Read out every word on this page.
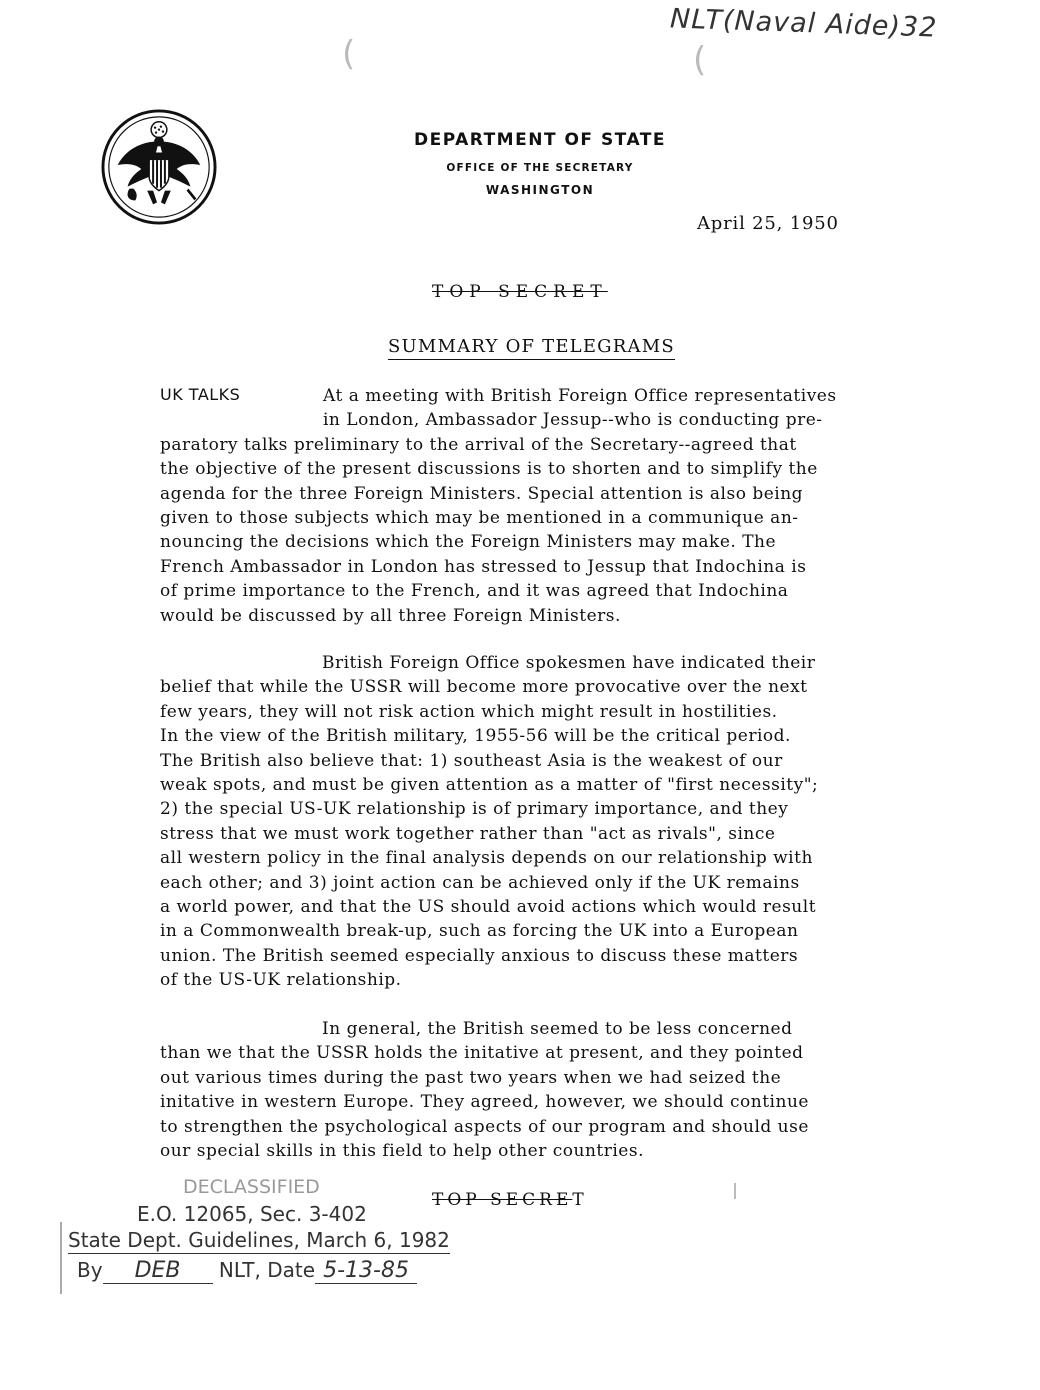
NLT(Naval Aide)32
(	(
DEPARTMENT OF STATE
OFFICE OF THE SECRETARY
WASHINGTON
April 25, 1950
TOP SECRET
SUMMARY OF TELEGRAMS
UK TALKS	At a meeting with British Foreign Office representatives

in London, Ambassador Jessup--who is conducting pre-

paratory talks preliminary to the arrival of the Secretary--agreed that

the objective of the present discussions is to shorten and to simplify the

agenda for the three Foreign Ministers. Special attention is also being

given to those subjects which may be mentioned in a communique an-

nouncing the decisions which the Foreign Ministers may make. The

French Ambassador in London has stressed to Jessup that Indochina is

of prime importance to the French, and it was agreed that Indochina

would be discussed by all three Foreign Ministers.

British Foreign Office spokesmen have indicated their

belief that while the USSR will become more provocative over the next

few years, they will not risk action which might result in hostilities.

In the view of the British military, 1955-56 will be the critical period.

The British also believe that: 1) southeast Asia is the weakest of our

weak spots, and must be given attention as a matter of "first necessity";

2) the special US-UK relationship is of primary importance, and they

stress that we must work together rather than "act as rivals", since

all western policy in the final analysis depends on our relationship with

each other; and 3) joint action can be achieved only if the UK remains

a world power, and that the US should avoid actions which would result

in a Commonwealth break-up, such as forcing the UK into a European

union. The British seemed especially anxious to discuss these matters

of the US-UK relationship.

In general, the British seemed to be less concerned

than we that the USSR holds the initative at present, and they pointed

out various times during the past two years when we had seized the

initative in western Europe. They agreed, however, we should continue

to strengthen the psychological aspects of our program and should use

our special skills in this field to help other countries.

TOP SECRET
DECLASSIFIED
E.O. 12065, Sec. 3-402
State Dept. Guidelines, March 6, 1982
By DEB NLT, Date 5-13-85
